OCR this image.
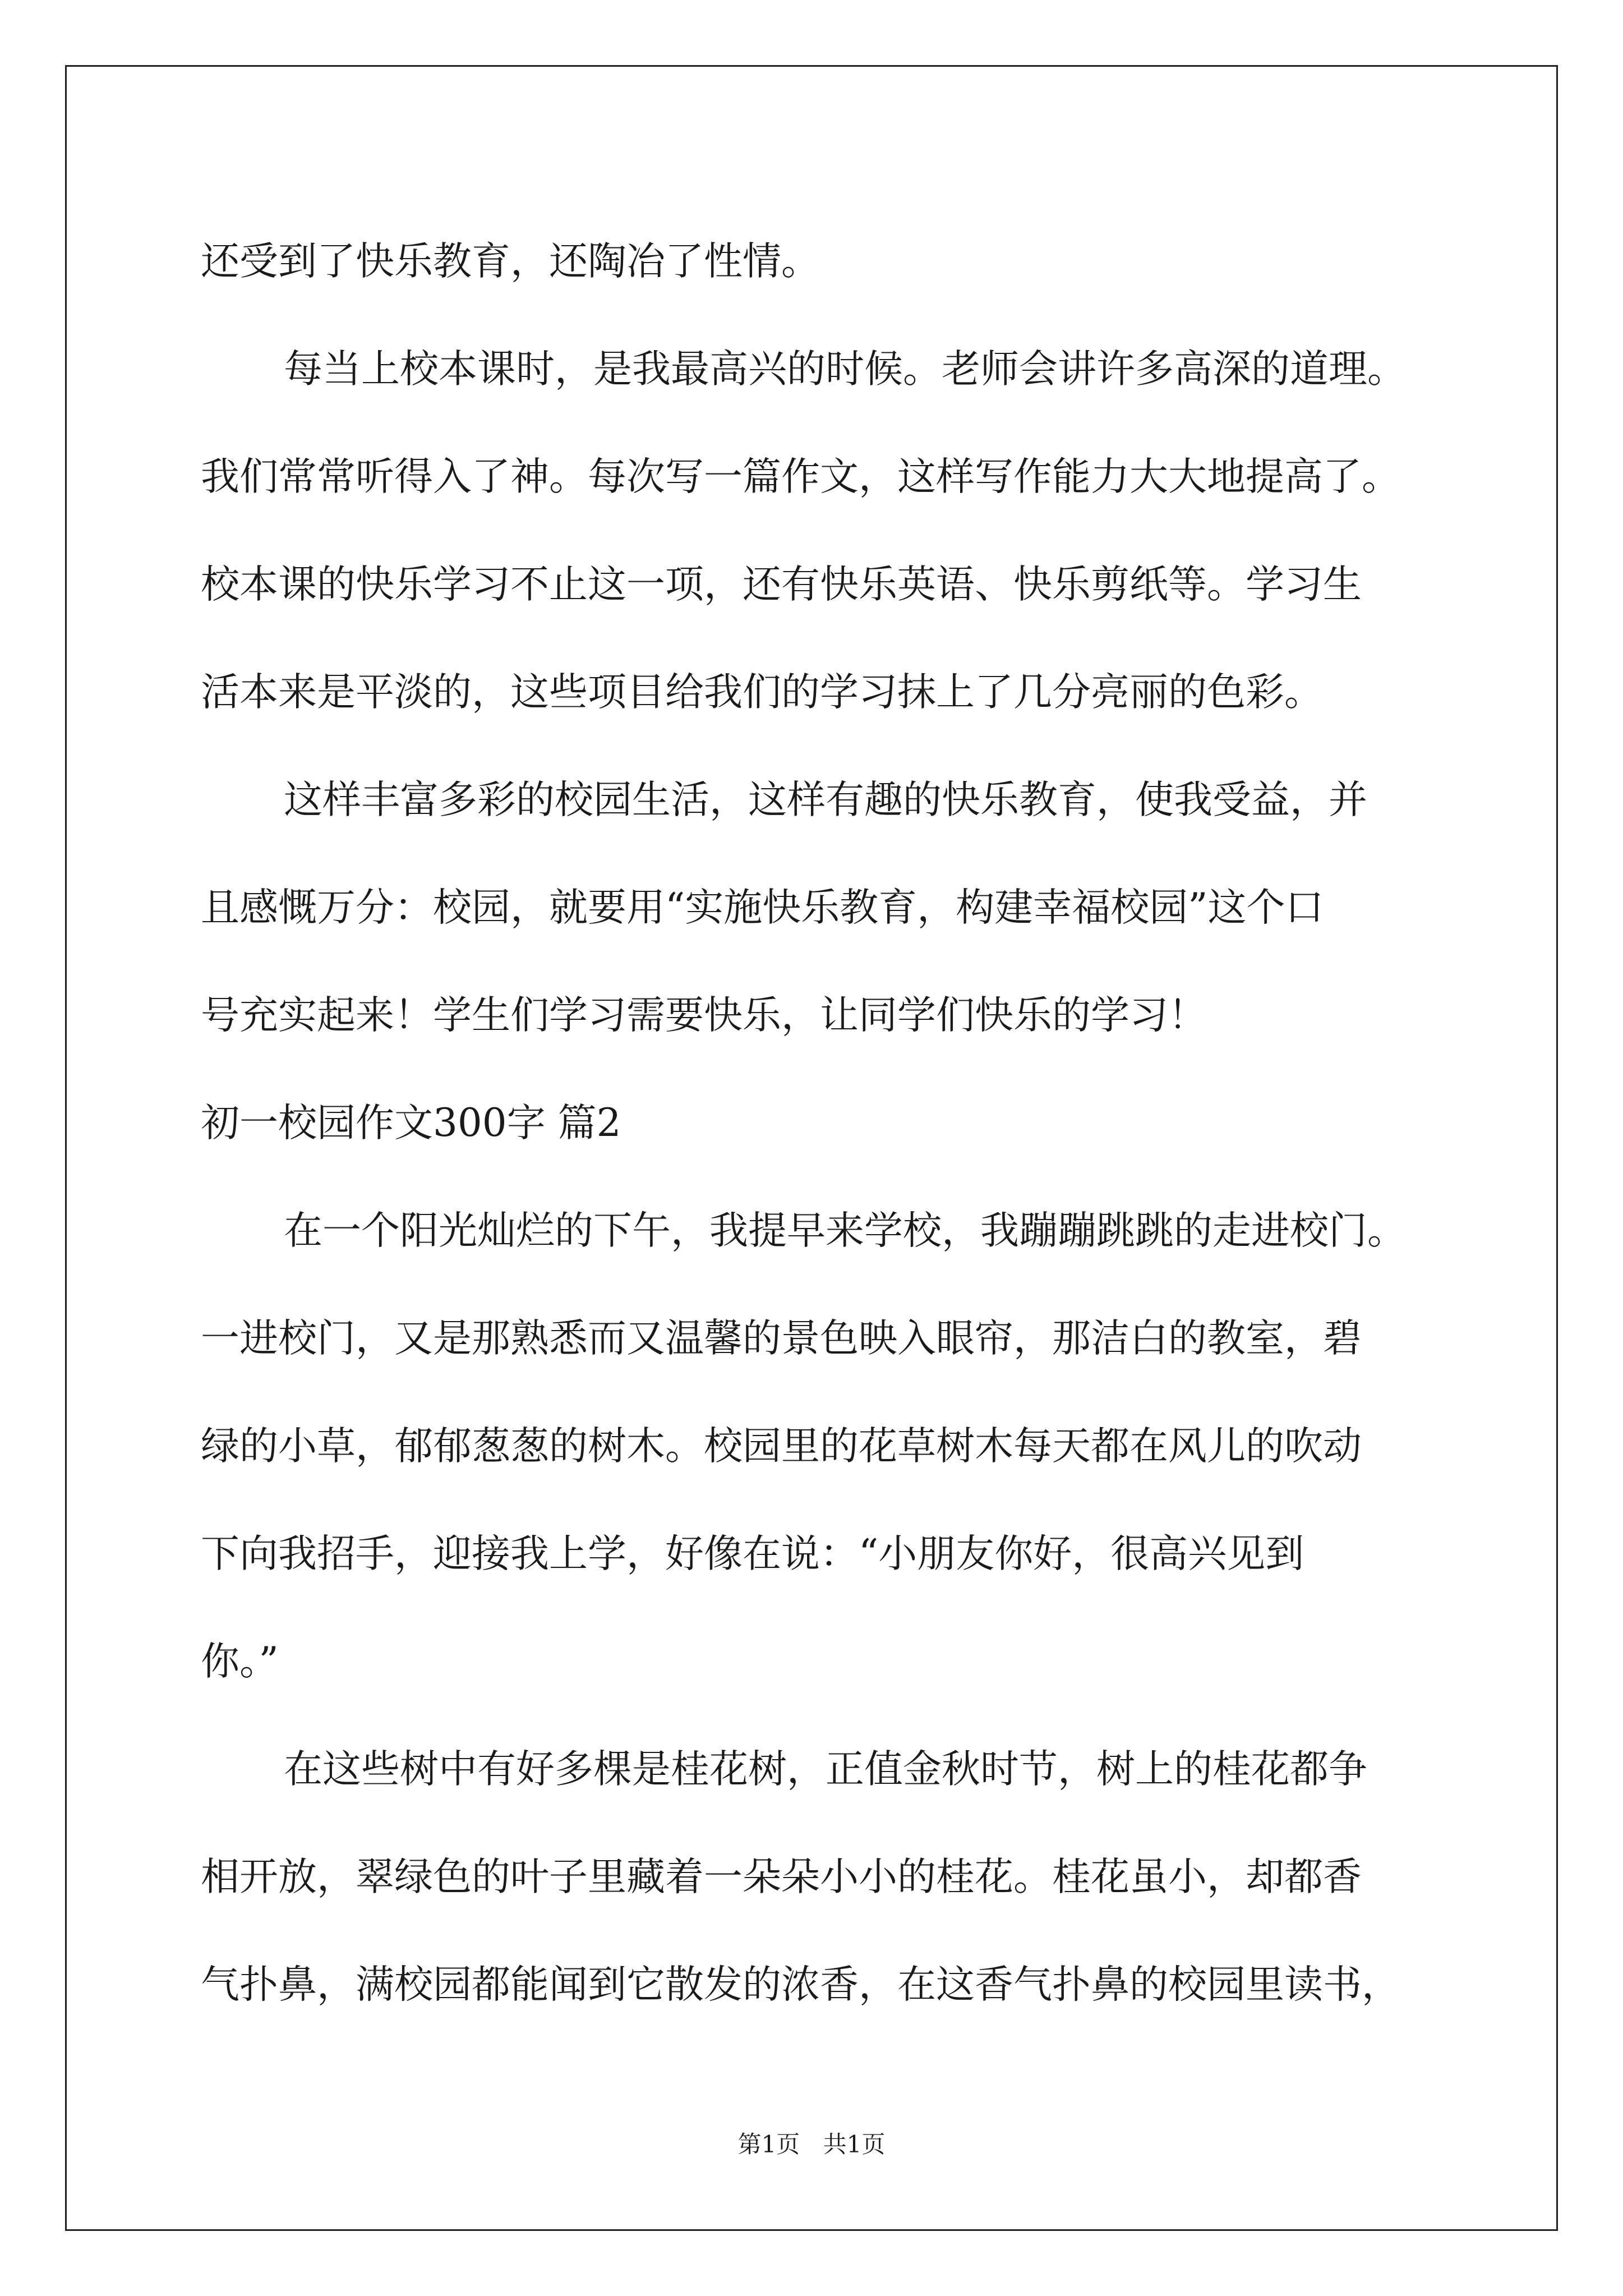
还受到了快乐教育，还陶冶了性情。
每当上校本课时，是我最高兴的时候。老师会讲许多高深的道理。
我们常常听得入了神。每次写一篇作文，这样写作能力大大地提高了。
校本课的快乐学习不止这一项，还有快乐英语、快乐剪纸等。学习生
活本来是平淡的，这些项目给我们的学习抹上了几分亮丽的色彩。
这样丰富多彩的校园生活，这样有趣的快乐教育，使我受益，并
且感慨万分：校园，就要用“实施快乐教育，构建幸福校园”这个口
号充实起来！学生们学习需要快乐，让同学们快乐的学习！
初一校园作文300字 篇2
在一个阳光灿烂的下午，我提早来学校，我蹦蹦跳跳的走进校门。
一进校门，又是那熟悉而又温馨的景色映入眼帘，那洁白的教室，碧
绿的小草，郁郁葱葱的树木。校园里的花草树木每天都在风儿的吹动
下向我招手，迎接我上学，好像在说：“小朋友你好，很高兴见到
你。”
在这些树中有好多棵是桂花树，正值金秋时节，树上的桂花都争
相开放，翠绿色的叶子里藏着一朵朵小小的桂花。桂花虽小，却都香
气扑鼻，满校园都能闻到它散发的浓香，在这香气扑鼻的校园里读书，
第1页 共1页
